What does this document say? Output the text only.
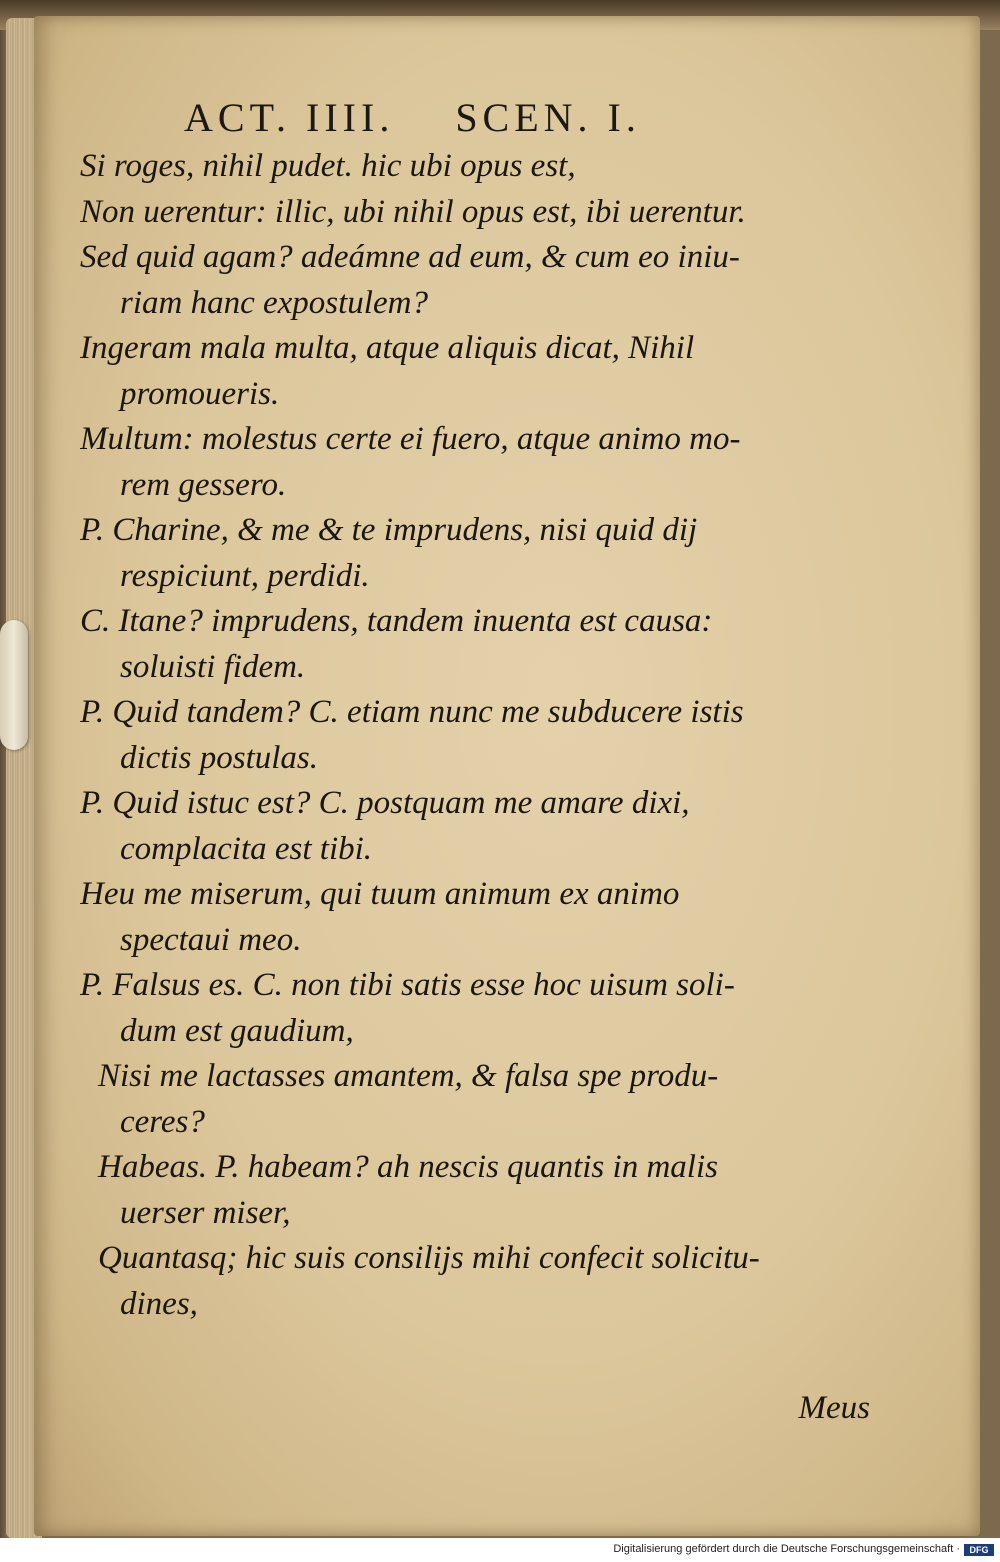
ACT. IIII. SCEN. I.
Si roges, nihil pudet. hic ubi opus est,
Non uerentur: illic, ubi nihil opus est, ibi uerentur.
Sed quid agam? adeámne ad eum, & cum eo iniu-
riam hanc expostulem?
Ingeram mala multa, atque aliquis dicat, Nihil
promoueris.
Multum: molestus certe ei fuero, atque animo mo-
rem gessero.
P. Charine, & me & te imprudens, nisi quid dij
respiciunt, perdidi.
C. Itane? imprudens, tandem inuenta est causa:
soluisti fidem.
P. Quid tandem? C. etiam nunc me subducere istis
dictis postulas.
P. Quid istuc est? C. postquam me amare dixi,
complacita est tibi.
Heu me miserum, qui tuum animum ex animo
spectaui meo.
P. Falsus es. C. non tibi satis esse hoc uisum soli-
dum est gaudium,
Nisi me lactasses amantem, & falsa spe produ-
ceres?
Habeas. P. habeam? ah nescis quantis in malis
uerser miser,
Quantasq; hic suis consilijs mihi confecit solicitu-
dines,
Meus
Digitalisierung gefördert durch die Deutsche Forschungsgemeinschaft ·	DFG
